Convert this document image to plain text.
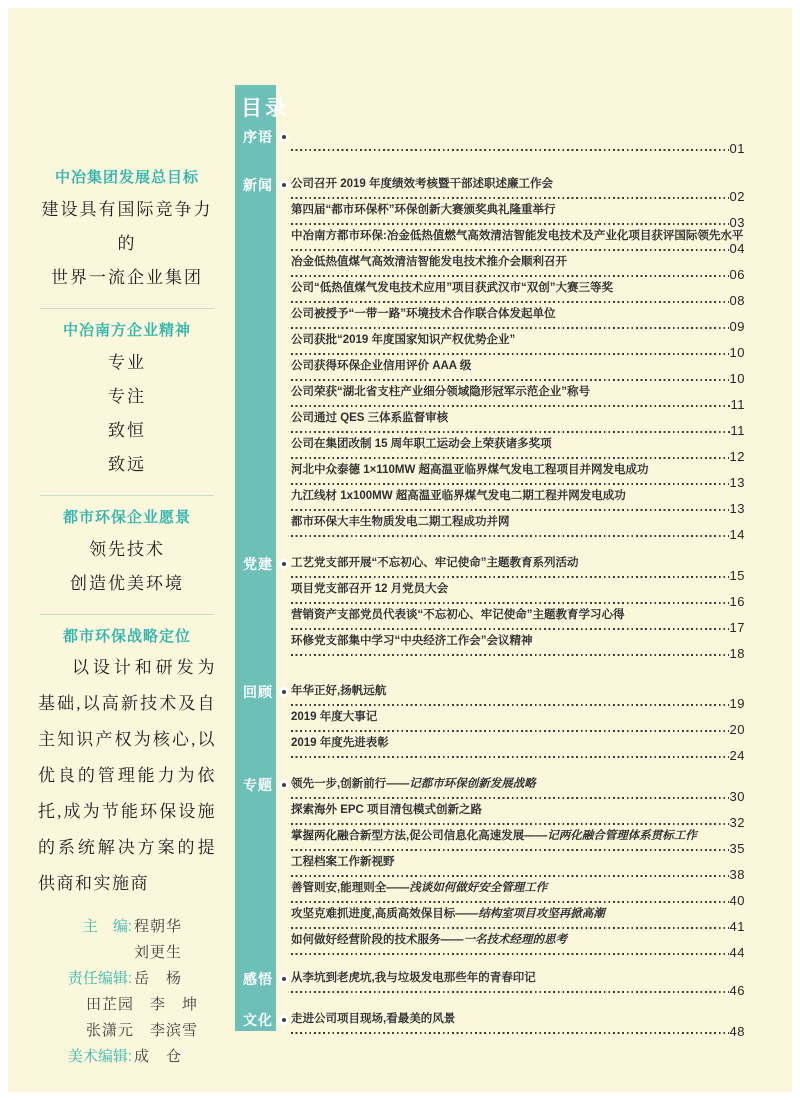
中冶集团发展总目标
建设具有国际竞争力的
世界一流企业集团
中冶南方企业精神
专业
专注
致恒
致远
都市环保企业愿景
领先技术
创造优美环境
都市环保战略定位
以设计和研发为基础,以高新技术及自主知识产权为核心,以优良的管理能力为依托,成为节能环保设施的系统解决方案的提供商和实施商
主　编: 程朝华
刘更生
责任编辑: 岳　杨
田芷园　李　坤
张潇元　李滨雪
美术编辑: 成　仓
目录
序语
01
新闻 公司召开 2019 年度绩效考核暨干部述职述廉工作会
02
第四届“都市环保杯”环保创新大赛颁奖典礼隆重举行
03
中冶南方都市环保:冶金低热值燃气高效清洁智能发电技术及产业化项目获评国际领先水平
04
冶金低热值煤气高效清洁智能发电技术推介会顺利召开
06
公司“低热值煤气发电技术应用”项目获武汉市“双创”大赛三等奖
08
公司被授予“一带一路”环境技术合作联合体发起单位
09
公司获批“2019 年度国家知识产权优势企业”
10
公司获得环保企业信用评价 AAA 级
10
公司荣获“湖北省支柱产业细分领域隐形冠军示范企业”称号
11
公司通过 QES 三体系监督审核
11
公司在集团改制 15 周年职工运动会上荣获诸多奖项
12
河北中众泰德 1×110MW 超高温亚临界煤气发电工程项目并网发电成功
13
九江线材 1x100MW 超高温亚临界煤气发电二期工程并网发电成功
13
都市环保大丰生物质发电二期工程成功并网
14
党建 工艺党支部开展“不忘初心、牢记使命”主题教育系列活动
15
项目党支部召开 12 月党员大会
16
营销资产支部党员代表谈“不忘初心、牢记使命”主题教育学习心得
17
环修党支部集中学习“中央经济工作会”会议精神
18
回顾 年华正好,扬帆远航
19
2019 年度大事记
20
2019 年度先进表彰
24
专题 领先一步,创新前行——记都市环保创新发展战略
30
探索海外 EPC 项目清包模式创新之路
32
掌握两化融合新型方法,促公司信息化高速发展——记两化融合管理体系贯标工作
35
工程档案工作新视野
38
善管则安,能理则全——浅谈如何做好安全管理工作
40
攻坚克难抓进度,高质高效保目标——结构室项目攻坚再掀高潮
41
如何做好经营阶段的技术服务——一名技术经理的思考
44
感悟 从李坑到老虎坑,我与垃圾发电那些年的青春印记
46
文化 走进公司项目现场,看最美的风景
48
